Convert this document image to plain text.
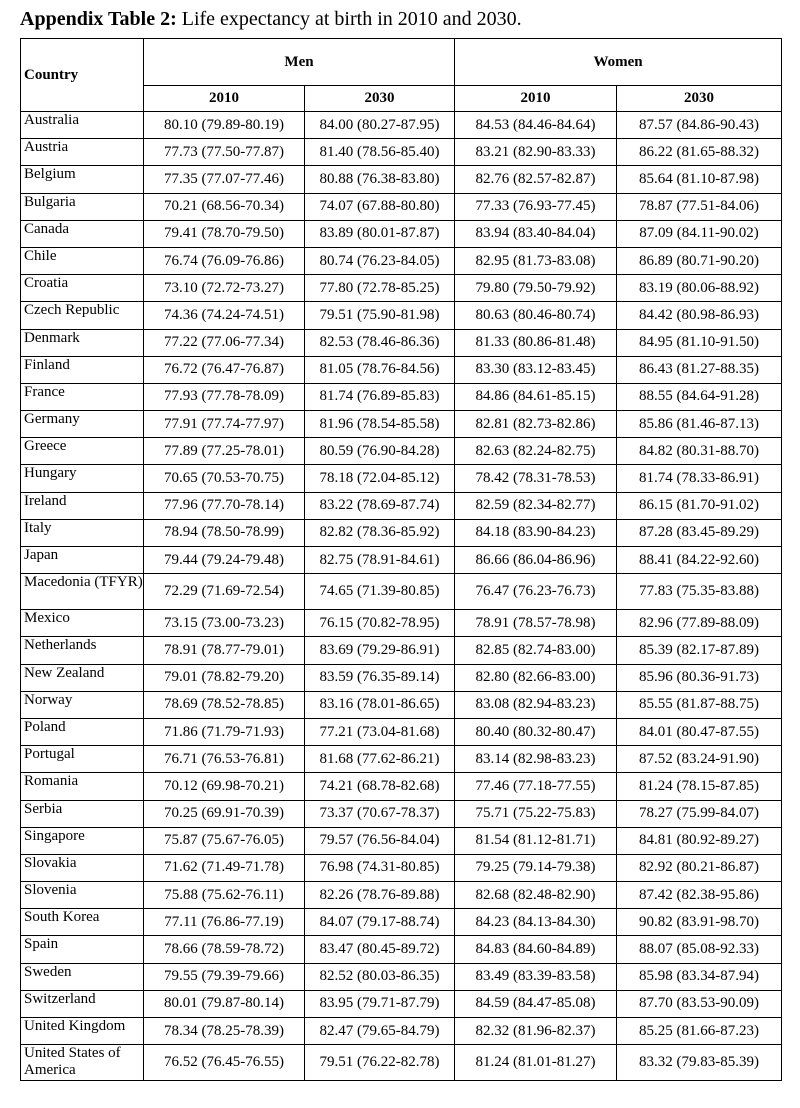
Appendix Table 2: Life expectancy at birth in 2010 and 2030.
Country	Men		Women	
	2010	2030	2010	2030
Australia	80.10 (79.89-80.19)	84.00 (80.27-87.95)	84.53 (84.46-84.64)	87.57 (84.86-90.43)
Austria	77.73 (77.50-77.87)	81.40 (78.56-85.40)	83.21 (82.90-83.33)	86.22 (81.65-88.32)
Belgium	77.35 (77.07-77.46)	80.88 (76.38-83.80)	82.76 (82.57-82.87)	85.64 (81.10-87.98)
Bulgaria	70.21 (68.56-70.34)	74.07 (67.88-80.80)	77.33 (76.93-77.45)	78.87 (77.51-84.06)
Canada	79.41 (78.70-79.50)	83.89 (80.01-87.87)	83.94 (83.40-84.04)	87.09 (84.11-90.02)
Chile	76.74 (76.09-76.86)	80.74 (76.23-84.05)	82.95 (81.73-83.08)	86.89 (80.71-90.20)
Croatia	73.10 (72.72-73.27)	77.80 (72.78-85.25)	79.80 (79.50-79.92)	83.19 (80.06-88.92)
Czech Republic	74.36 (74.24-74.51)	79.51 (75.90-81.98)	80.63 (80.46-80.74)	84.42 (80.98-86.93)
Denmark	77.22 (77.06-77.34)	82.53 (78.46-86.36)	81.33 (80.86-81.48)	84.95 (81.10-91.50)
Finland	76.72 (76.47-76.87)	81.05 (78.76-84.56)	83.30 (83.12-83.45)	86.43 (81.27-88.35)
France	77.93 (77.78-78.09)	81.74 (76.89-85.83)	84.86 (84.61-85.15)	88.55 (84.64-91.28)
Germany	77.91 (77.74-77.97)	81.96 (78.54-85.58)	82.81 (82.73-82.86)	85.86 (81.46-87.13)
Greece	77.89 (77.25-78.01)	80.59 (76.90-84.28)	82.63 (82.24-82.75)	84.82 (80.31-88.70)
Hungary	70.65 (70.53-70.75)	78.18 (72.04-85.12)	78.42 (78.31-78.53)	81.74 (78.33-86.91)
Ireland	77.96 (77.70-78.14)	83.22 (78.69-87.74)	82.59 (82.34-82.77)	86.15 (81.70-91.02)
Italy	78.94 (78.50-78.99)	82.82 (78.36-85.92)	84.18 (83.90-84.23)	87.28 (83.45-89.29)
Japan	79.44 (79.24-79.48)	82.75 (78.91-84.61)	86.66 (86.04-86.96)	88.41 (84.22-92.60)
Macedonia (TFYR)	72.29 (71.69-72.54)	74.65 (71.39-80.85)	76.47 (76.23-76.73)	77.83 (75.35-83.88)
Mexico	73.15 (73.00-73.23)	76.15 (70.82-78.95)	78.91 (78.57-78.98)	82.96 (77.89-88.09)
Netherlands	78.91 (78.77-79.01)	83.69 (79.29-86.91)	82.85 (82.74-83.00)	85.39 (82.17-87.89)
New Zealand	79.01 (78.82-79.20)	83.59 (76.35-89.14)	82.80 (82.66-83.00)	85.96 (80.36-91.73)
Norway	78.69 (78.52-78.85)	83.16 (78.01-86.65)	83.08 (82.94-83.23)	85.55 (81.87-88.75)
Poland	71.86 (71.79-71.93)	77.21 (73.04-81.68)	80.40 (80.32-80.47)	84.01 (80.47-87.55)
Portugal	76.71 (76.53-76.81)	81.68 (77.62-86.21)	83.14 (82.98-83.23)	87.52 (83.24-91.90)
Romania	70.12 (69.98-70.21)	74.21 (68.78-82.68)	77.46 (77.18-77.55)	81.24 (78.15-87.85)
Serbia	70.25 (69.91-70.39)	73.37 (70.67-78.37)	75.71 (75.22-75.83)	78.27 (75.99-84.07)
Singapore	75.87 (75.67-76.05)	79.57 (76.56-84.04)	81.54 (81.12-81.71)	84.81 (80.92-89.27)
Slovakia	71.62 (71.49-71.78)	76.98 (74.31-80.85)	79.25 (79.14-79.38)	82.92 (80.21-86.87)
Slovenia	75.88 (75.62-76.11)	82.26 (78.76-89.88)	82.68 (82.48-82.90)	87.42 (82.38-95.86)
South Korea	77.11 (76.86-77.19)	84.07 (79.17-88.74)	84.23 (84.13-84.30)	90.82 (83.91-98.70)
Spain	78.66 (78.59-78.72)	83.47 (80.45-89.72)	84.83 (84.60-84.89)	88.07 (85.08-92.33)
Sweden	79.55 (79.39-79.66)	82.52 (80.03-86.35)	83.49 (83.39-83.58)	85.98 (83.34-87.94)
Switzerland	80.01 (79.87-80.14)	83.95 (79.71-87.79)	84.59 (84.47-85.08)	87.70 (83.53-90.09)
United Kingdom	78.34 (78.25-78.39)	82.47 (79.65-84.79)	82.32 (81.96-82.37)	85.25 (81.66-87.23)
United States of America	76.52 (76.45-76.55)	79.51 (76.22-82.78)	81.24 (81.01-81.27)	83.32 (79.83-85.39)
